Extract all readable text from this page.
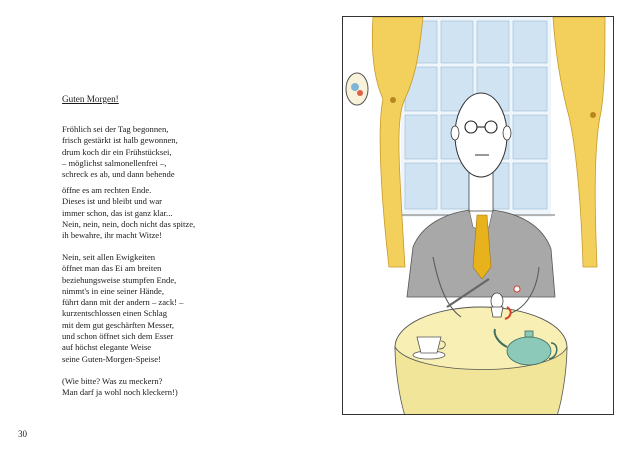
Guten Morgen!
Fröhlich sei der Tag begonnen,
frisch gestärkt ist halb gewonnen,
drum koch dir ein Frühstücksei,
– möglichst salmonellenfrei –,
schreck es ab, und dann behende
öffne es am rechten Ende.
Dieses ist und bleibt und war
immer schon, das ist ganz klar...
Nein, nein, nein, doch nicht das spitze,
ih bewahre, ihr macht Witze!
Nein, seit allen Ewigkeiten
öffnet man das Ei am breiten
beziehungsweise stumpfen Ende,
nimmt's in eine seiner Hände,
führt dann mit der andern – zack! –
kurzentschlossen einen Schlag
mit dem gut geschärften Messer,
und schon öffnet sich dem Esser
auf höchst elegante Weise
seine Guten-Morgen-Speise!
(Wie bitte? Was zu meckern?
Man darf ja wohl noch kleckern!)
30
